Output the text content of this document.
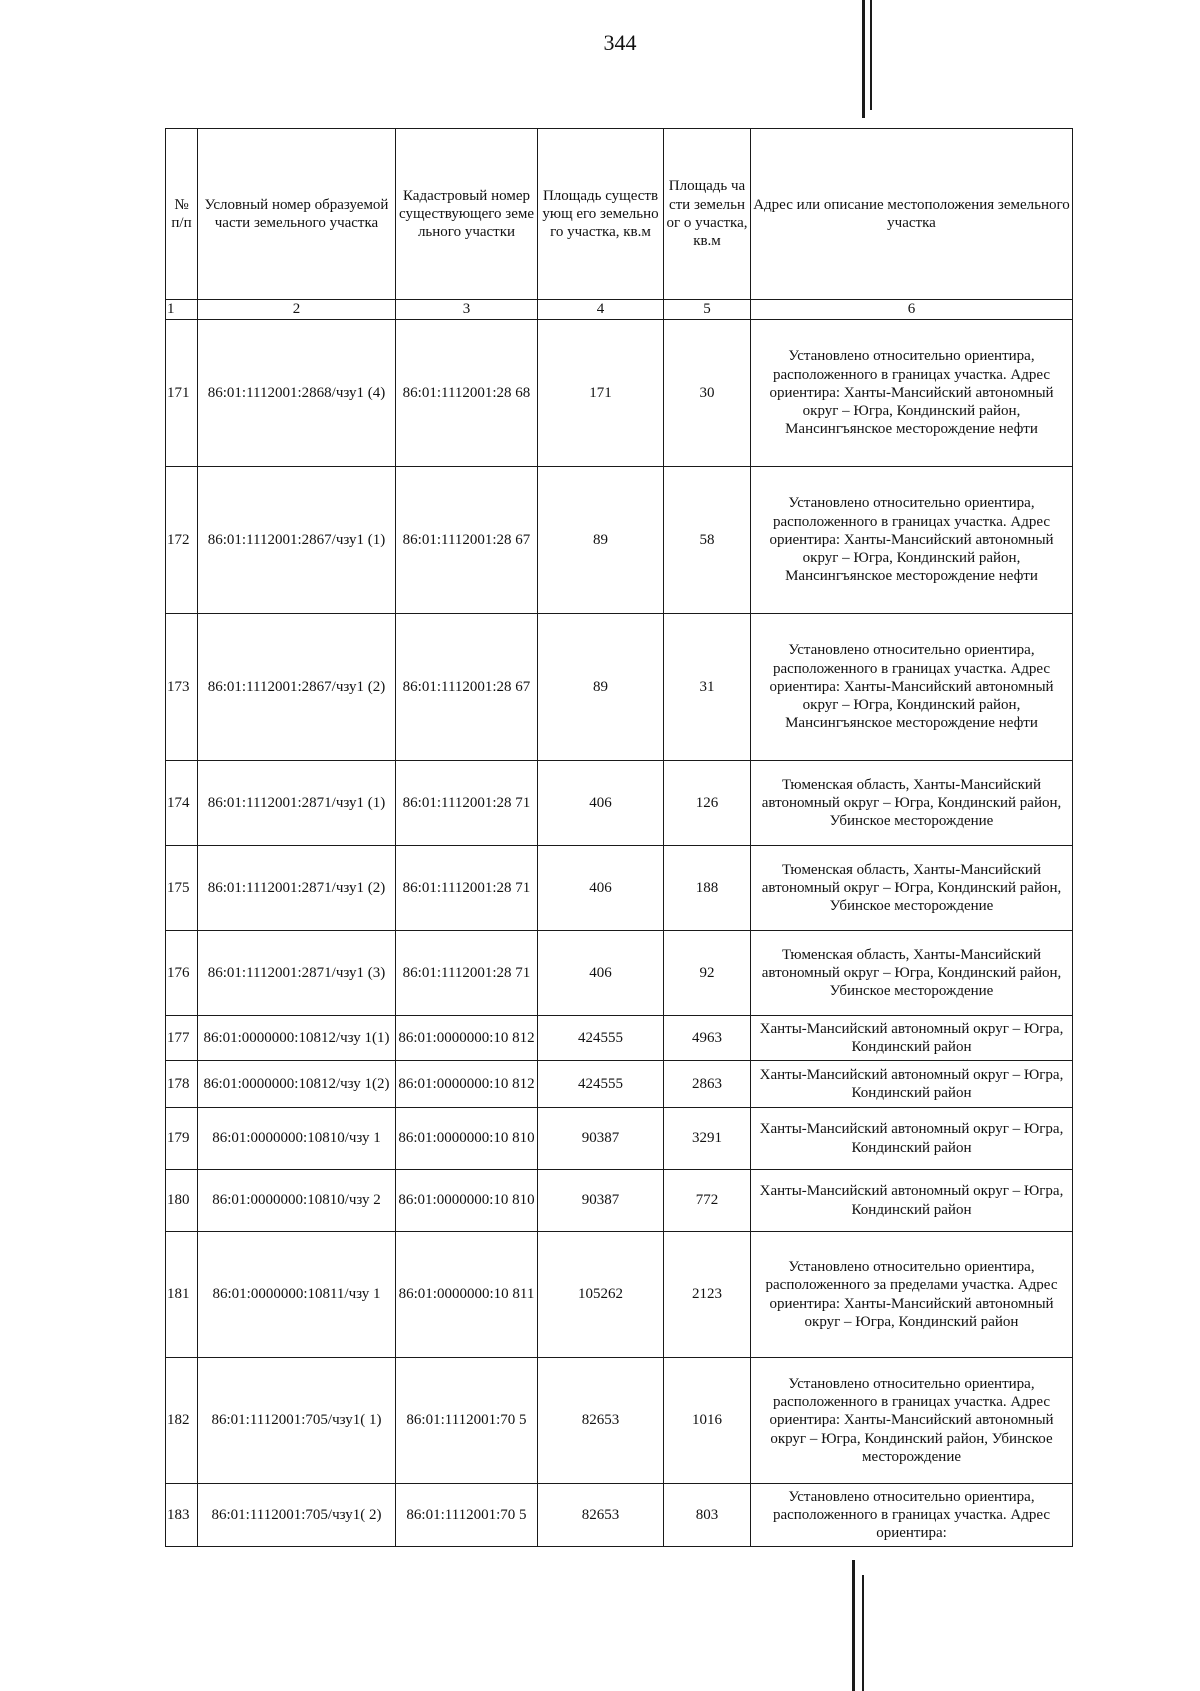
344
№ п/п	Условный номер образуемой части земельного участка	Кадастровый номер существующего земельного участки	Площадь существующ его земельного участка, кв.м	Площадь части земельног о участка, кв.м	Адрес или описание местоположения земельного участка
1	2	3	4	5	6
171	86:01:1112001:2868/чзу1 (4)	86:01:1112001:28 68	171	30	Установлено относительно ориентира, расположенного в границах участка. Адрес ориентира: Ханты-Мансийский автономный округ – Югра, Кондинский район, Мансингъянское месторождение нефти
172	86:01:1112001:2867/чзу1 (1)	86:01:1112001:28 67	89	58	Установлено относительно ориентира, расположенного в границах участка. Адрес ориентира: Ханты-Мансийский автономный округ – Югра, Кондинский район, Мансингъянское месторождение нефти
173	86:01:1112001:2867/чзу1 (2)	86:01:1112001:28 67	89	31	Установлено относительно ориентира, расположенного в границах участка. Адрес ориентира: Ханты-Мансийский автономный округ – Югра, Кондинский район, Мансингъянское месторождение нефти
174	86:01:1112001:2871/чзу1 (1)	86:01:1112001:28 71	406	126	Тюменская область, Ханты-Мансийский автономный округ – Югра, Кондинский район, Убинское месторождение
175	86:01:1112001:2871/чзу1 (2)	86:01:1112001:28 71	406	188	Тюменская область, Ханты-Мансийский автономный округ – Югра, Кондинский район, Убинское месторождение
176	86:01:1112001:2871/чзу1 (3)	86:01:1112001:28 71	406	92	Тюменская область, Ханты-Мансийский автономный округ – Югра, Кондинский район, Убинское месторождение
177	86:01:0000000:10812/чзу 1(1)	86:01:0000000:10 812	424555	4963	Ханты-Мансийский автономный округ – Югра, Кондинский район
178	86:01:0000000:10812/чзу 1(2)	86:01:0000000:10 812	424555	2863	Ханты-Мансийский автономный округ – Югра, Кондинский район
179	86:01:0000000:10810/чзу 1	86:01:0000000:10 810	90387	3291	Ханты-Мансийский автономный округ – Югра, Кондинский район
180	86:01:0000000:10810/чзу 2	86:01:0000000:10 810	90387	772	Ханты-Мансийский автономный округ – Югра, Кондинский район
181	86:01:0000000:10811/чзу 1	86:01:0000000:10 811	105262	2123	Установлено относительно ориентира, расположенного за пределами участка. Адрес ориентира: Ханты-Мансийский автономный округ – Югра, Кондинский район
182	86:01:1112001:705/чзу1( 1)	86:01:1112001:70 5	82653	1016	Установлено относительно ориентира, расположенного в границах участка. Адрес ориентира: Ханты-Мансийский автономный округ – Югра, Кондинский район, Убинское месторождение
183	86:01:1112001:705/чзу1( 2)	86:01:1112001:70 5	82653	803	Установлено относительно ориентира, расположенного в границах участка. Адрес ориентира:
